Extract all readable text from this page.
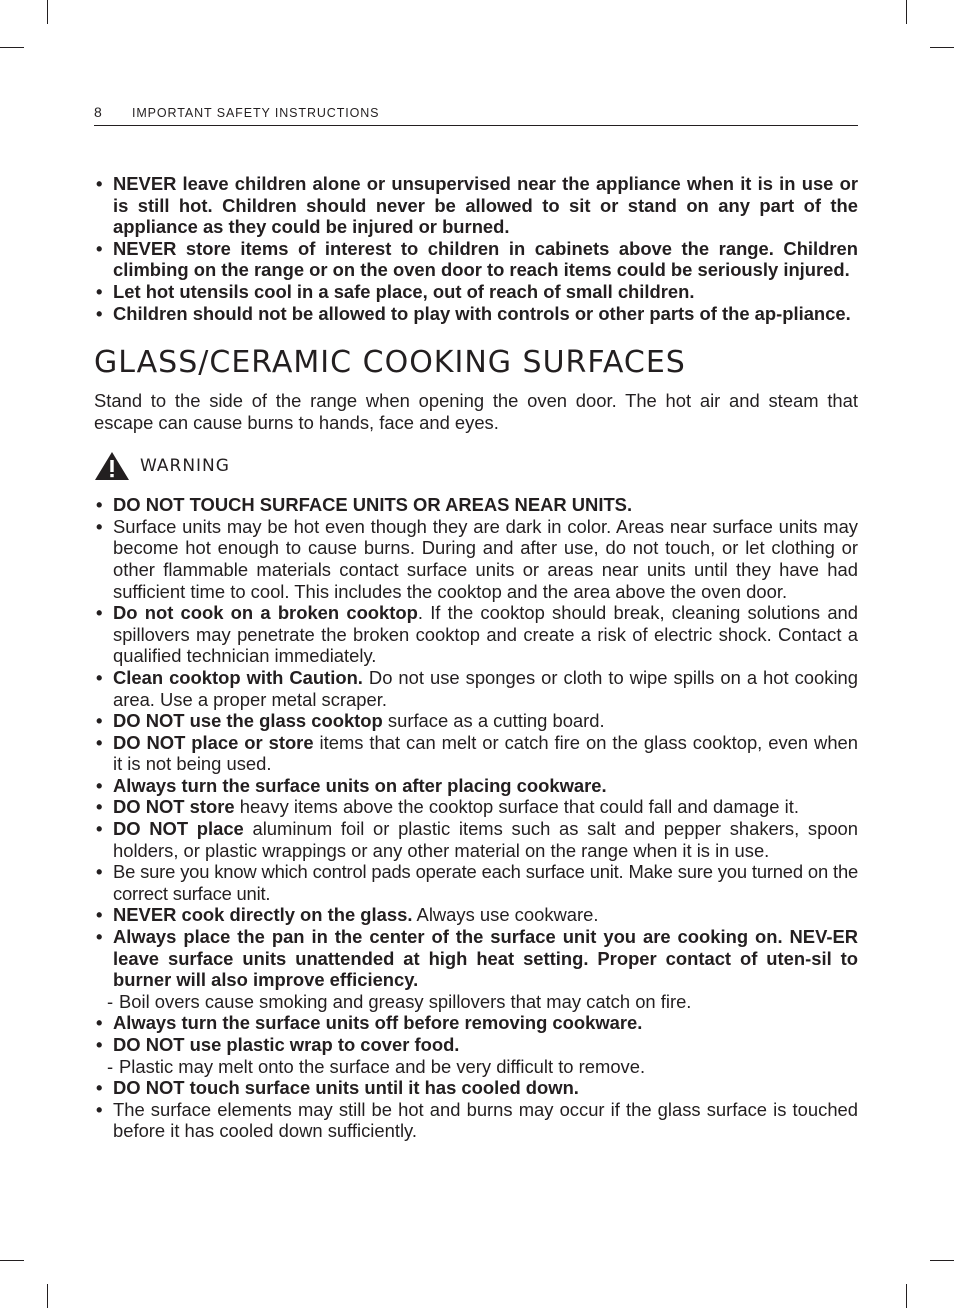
8 IMPORTANT SAFETY INSTRUCTIONS
• NEVER leave children alone or unsupervised near the appliance when it is in use or is still hot. Children should never be allowed to sit or stand on any part of the appliance as they could be injured or burned.
• NEVER store items of interest to children in cabinets above the range. Children climbing on the range or on the oven door to reach items could be seriously injured.
• Let hot utensils cool in a safe place, out of reach of small children.
• Children should not be allowed to play with controls or other parts of the ap-pliance.
GLASS/CERAMIC COOKING SURFACES

Stand to the side of the range when opening the oven door. The hot air and steam that escape can cause burns to hands, face and eyes.

WARNING
• DO NOT TOUCH SURFACE UNITS OR AREAS NEAR UNITS.
• Surface units may be hot even though they are dark in color. Areas near surface units may become hot enough to cause burns. During and after use, do not touch, or let clothing or other flammable materials contact surface units or areas near units until they have had sufficient time to cool. This includes the cooktop and the area above the oven door.
• Do not cook on a broken cooktop. If the cooktop should break, cleaning solutions and spillovers may penetrate the broken cooktop and create a risk of electric shock. Contact a qualified technician immediately.
• Clean cooktop with Caution. Do not use sponges or cloth to wipe spills on a hot cooking area. Use a proper metal scraper.
• DO NOT use the glass cooktop surface as a cutting board.
• DO NOT place or store items that can melt or catch fire on the glass cooktop, even when it is not being used.
• Always turn the surface units on after placing cookware.
• DO NOT store heavy items above the cooktop surface that could fall and damage it.
• DO NOT place aluminum foil or plastic items such as salt and pepper shakers, spoon holders, or plastic wrappings or any other material on the range when it is in use.
• Be sure you know which control pads operate each surface unit. Make sure you turned on the correct surface unit.
• NEVER cook directly on the glass. Always use cookware.
• Always place the pan in the center of the surface unit you are cooking on. NEV-ER leave surface units unattended at high heat setting. Proper contact of uten-sil to burner will also improve efficiency.
- Boil overs cause smoking and greasy spillovers that may catch on fire.
• Always turn the surface units off before removing cookware.
• DO NOT use plastic wrap to cover food.
- Plastic may melt onto the surface and be very difficult to remove.
• DO NOT touch surface units until it has cooled down.
• The surface elements may still be hot and burns may occur if the glass surface is touched before it has cooled down sufficiently.
